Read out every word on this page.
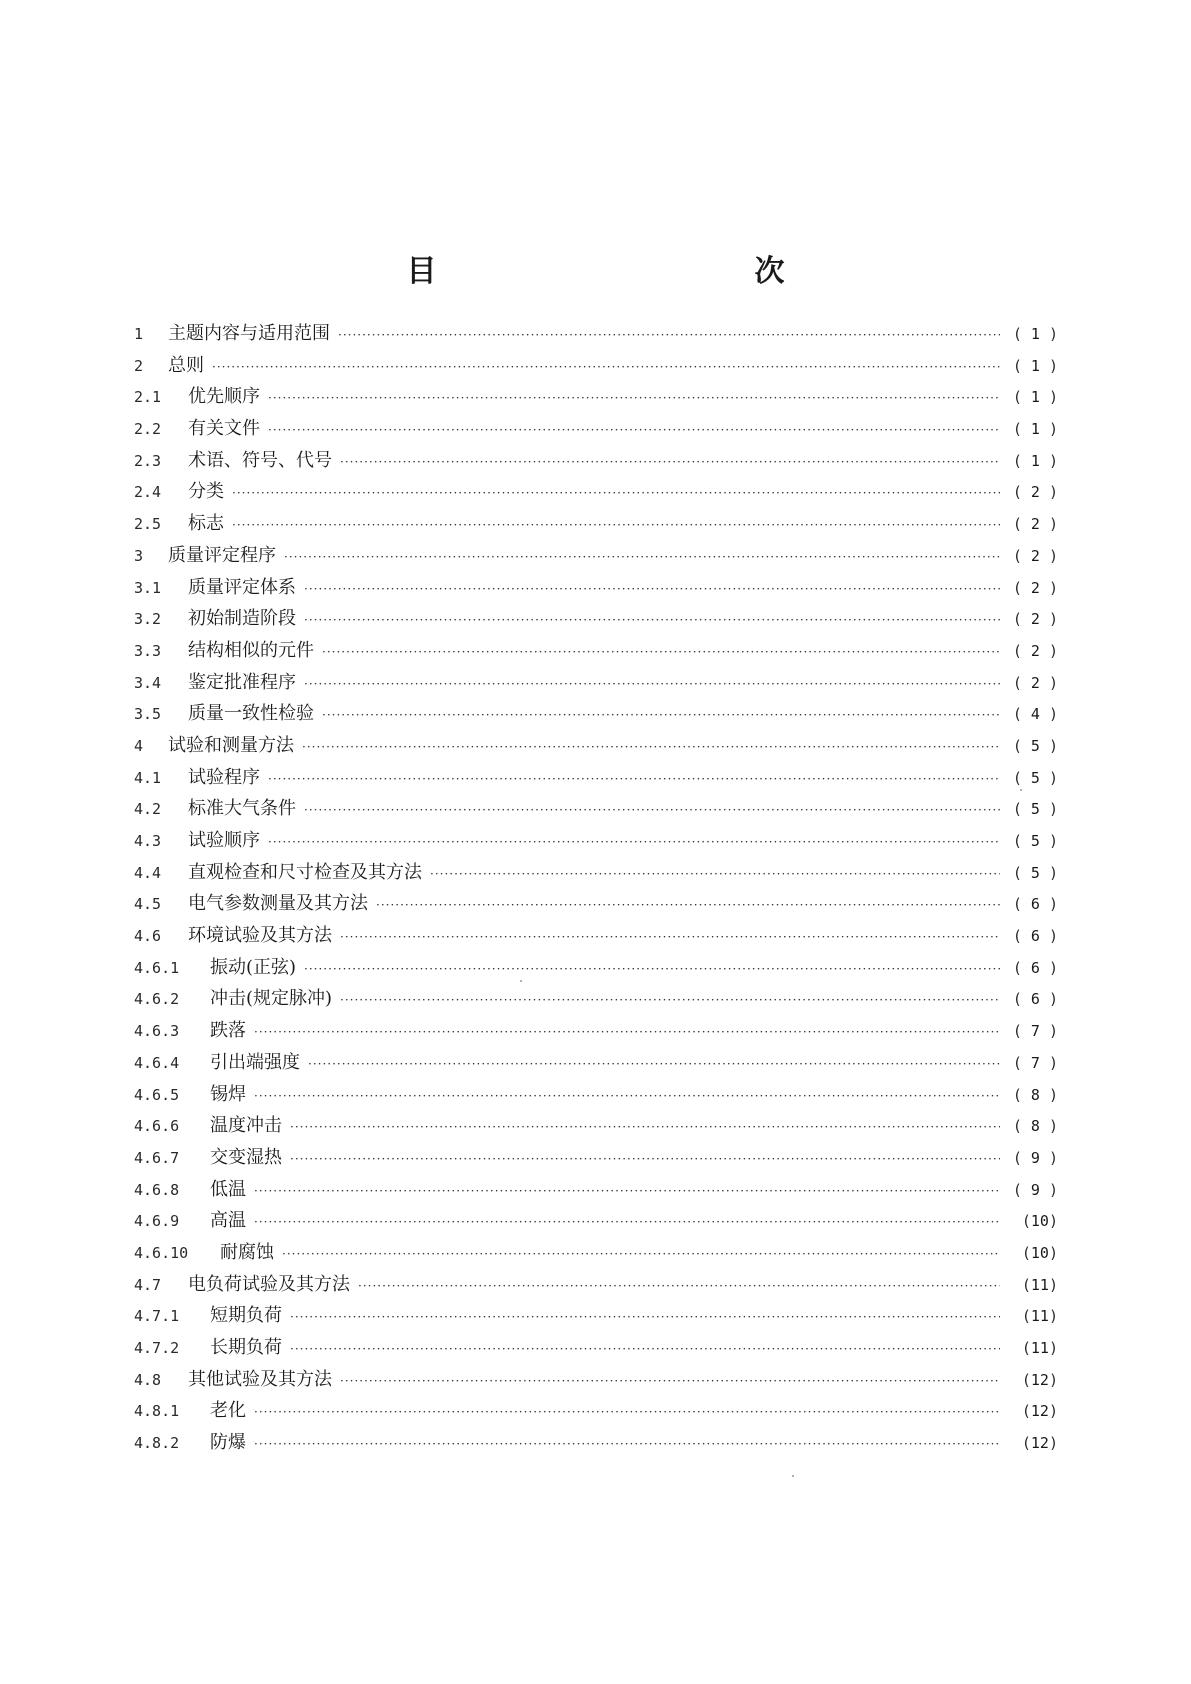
目　　次
1	主题内容与适用范围 ·····	( 1 )
2	总则 ·····	( 1 )
2.1	优先顺序 ·····	( 1 )
2.2	有关文件 ·····	( 1 )
2.3	术语、符号、代号 ·····	( 1 )
2.4	分类 ·····	( 2 )
2.5	标志 ·····	( 2 )
3	质量评定程序 ·····	( 2 )
3.1	质量评定体系 ·····	( 2 )
3.2	初始制造阶段 ·····	( 2 )
3.3	结构相似的元件 ·····	( 2 )
3.4	鉴定批准程序 ·····	( 2 )
3.5	质量一致性检验 ·····	( 4 )
4	试验和测量方法 ·····	( 5 )
4.1	试验程序 ·····	( 5 )
4.2	标准大气条件 ·····	( 5 )
4.3	试验顺序 ·····	( 5 )
4.4	直观检查和尺寸检查及其方法 ·····	( 5 )
4.5	电气参数测量及其方法 ·····	( 6 )
4.6	环境试验及其方法 ·····	( 6 )
4.6.1	振动(正弦) ·····	( 6 )
4.6.2	冲击(规定脉冲) ·····	( 6 )
4.6.3	跌落 ·····	( 7 )
4.6.4	引出端强度 ·····	( 7 )
4.6.5	锡焊 ·····	( 8 )
4.6.6	温度冲击 ·····	( 8 )
4.6.7	交变湿热 ·····	( 9 )
4.6.8	低温 ·····	( 9 )
4.6.9	高温 ·····	(10)
4.6.10	耐腐蚀 ·····	(10)
4.7	电负荷试验及其方法 ·····	(11)
4.7.1	短期负荷 ·····	(11)
4.7.2	长期负荷 ·····	(11)
4.8	其他试验及其方法 ·····	(12)
4.8.1	老化 ·····	(12)
4.8.2	防爆 ·····	(12)
